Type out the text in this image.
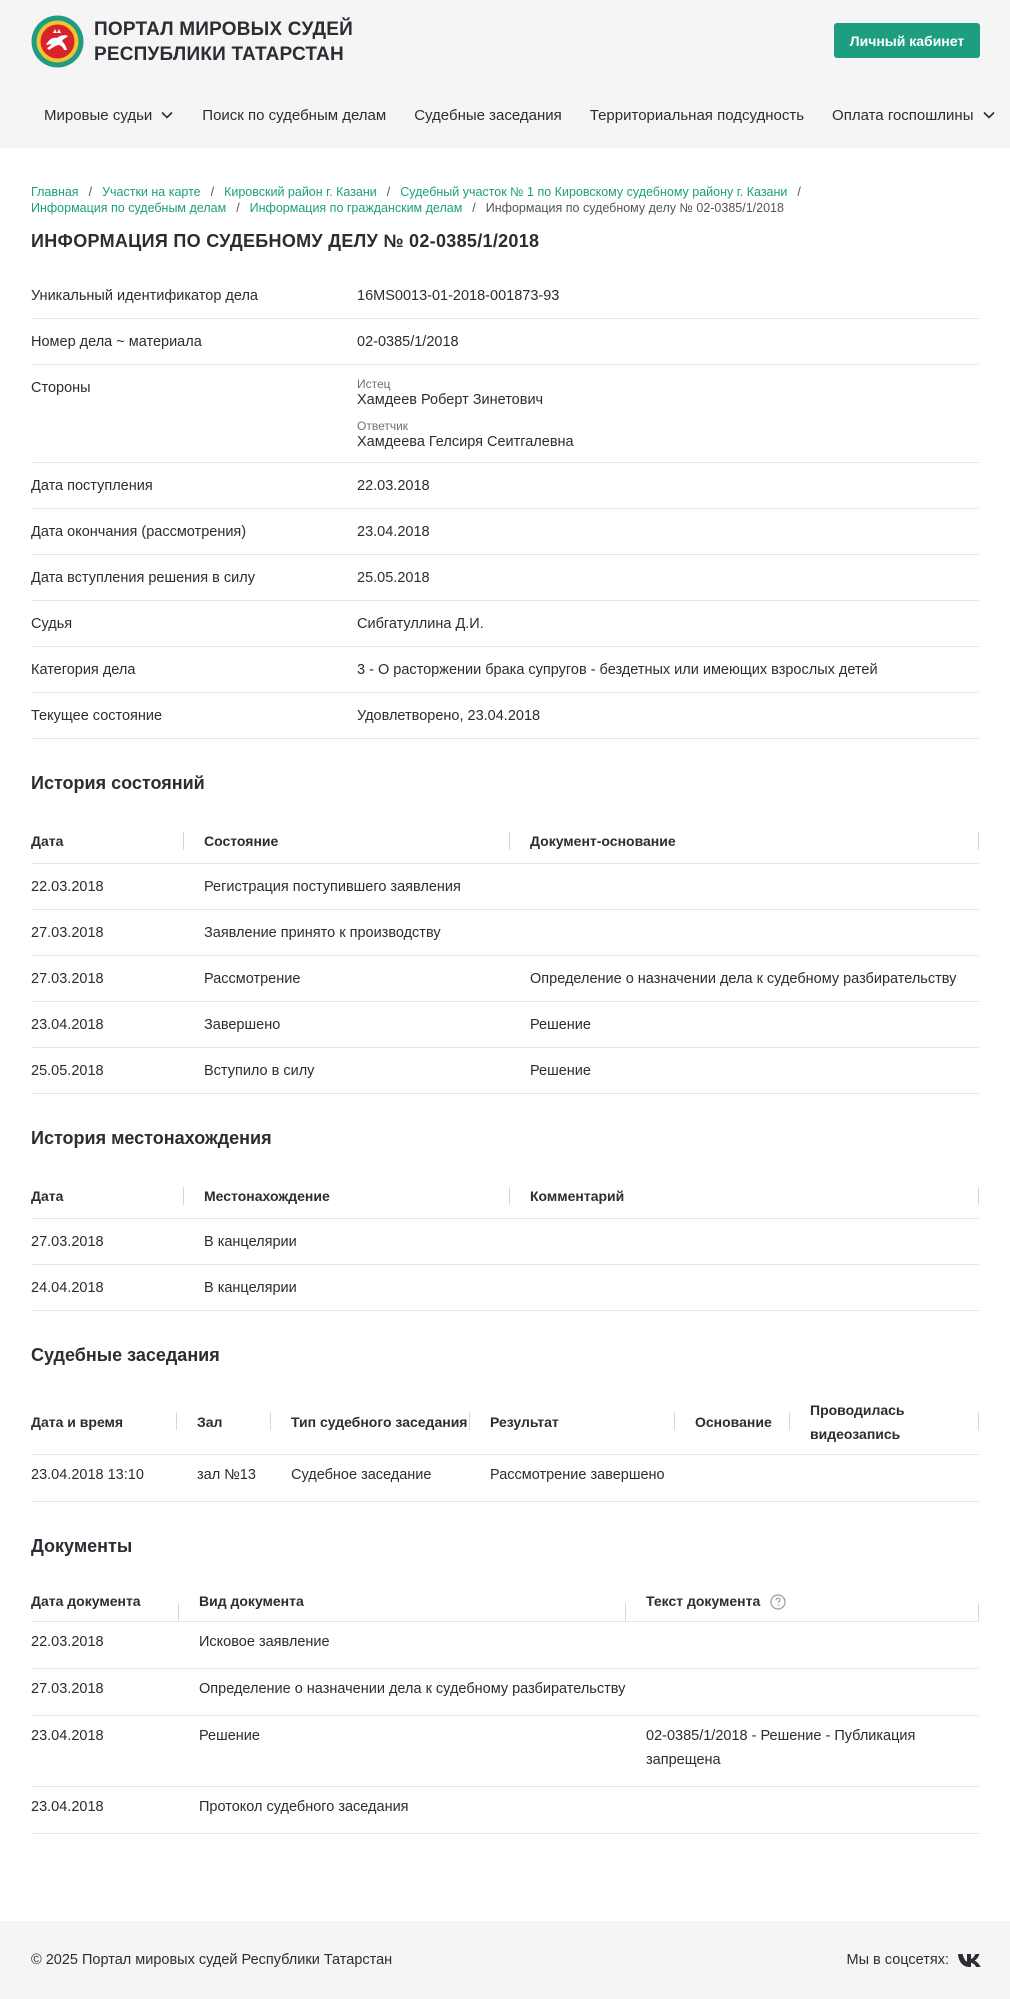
ПОРТАЛ МИРОВЫХ СУДЕЙ
РЕСПУБЛИКИ ТАТАРСТАН
Личный кабинет
Мировые судьи	Поиск по судебным делам Судебные заседания Территориальная подсудность Оплата госпошлины
Главная / Участки на карте / Кировский район г. Казани / Судебный участок № 1 по Кировскому судебному району г. Казани /
Информация по судебным делам / Информация по гражданским делам / Информация по судебному делу № 02-0385/1/2018
ИНФОРМАЦИЯ ПО СУДЕБНОМУ ДЕЛУ № 02-0385/1/2018
Уникальный идентификатор дела	16MS0013-01-2018-001873-93
Номер дела ~ материала	02-0385/1/2018
Стороны	Истец
Хамдеев Роберт Зинетович
Ответчик
Хамдеева Гелсиря Сеитгалевна
Дата поступления	22.03.2018
Дата окончания (рассмотрения)	23.04.2018
Дата вступления решения в силу	25.05.2018
Судья	Сибгатуллина Д.И.
Категория дела	3 - О расторжении брака супругов - бездетных или имеющих взрослых детей
Текущее состояние	Удовлетворено, 23.04.2018
История состояний
Дата	Состояние	Документ-основание

22.03.2018	Регистрация поступившего заявления	
27.03.2018	Заявление принято к производству	
27.03.2018	Рассмотрение	Определение о назначении дела к судебному разбирательству
23.04.2018	Завершено	Решение
25.05.2018	Вступило в силу	Решение
История местонахождения
Дата	Местонахождение	Комментарий

27.03.2018	В канцелярии	
24.04.2018	В канцелярии	
Судебные заседания
Дата и время	Зал	Тип судебного заседания	Результат	Основание	Проводилась видеозапись

23.04.2018 13:10	зал №13	Судебное заседание	Рассмотрение завершено		
Документы
Дата документа	Вид документа	Текст документа

22.03.2018	Исковое заявление	
27.03.2018	Определение о назначении дела к судебному разбирательству	
23.04.2018	Решение	02-0385/1/2018 - Решение - Публикация запрещена
23.04.2018	Протокол судебного заседания	
© 2025 Портал мировых судей Республики Татарстан	Мы в соцсетях:
